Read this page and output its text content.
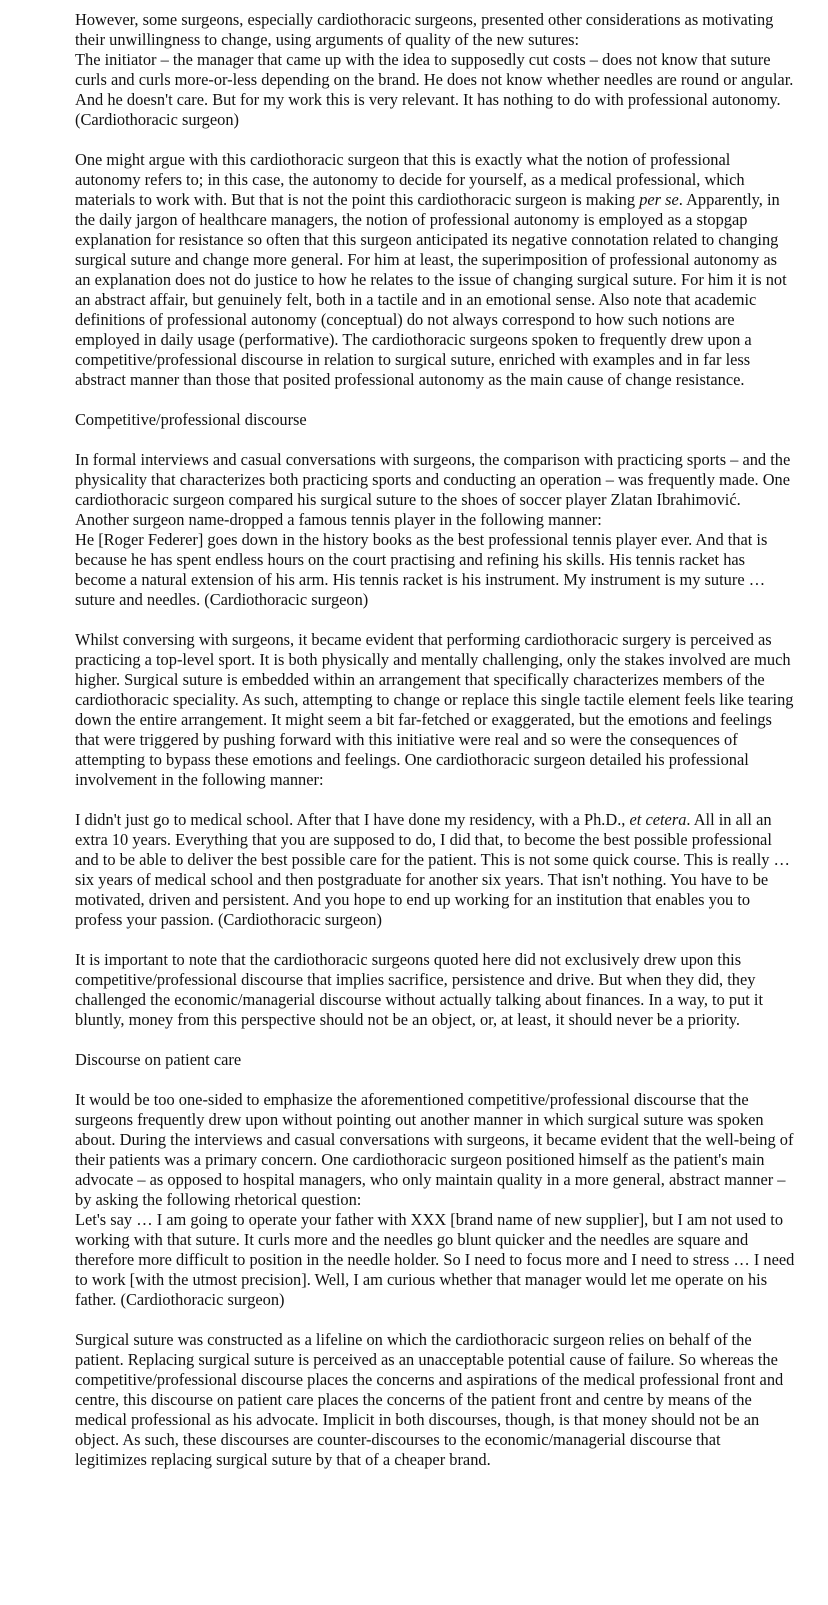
However, some surgeons, especially cardiothoracic surgeons, presented other considerations as motivating their unwillingness to change, using arguments of quality of the new sutures:

The initiator – the manager that came up with the idea to supposedly cut costs – does not know that suture curls and curls more-or-less depending on the brand. He does not know whether needles are round or angular. And he doesn't care. But for my work this is very relevant. It has nothing to do with professional autonomy. (Cardiothoracic surgeon)

One might argue with this cardiothoracic surgeon that this is exactly what the notion of professional autonomy refers to; in this case, the autonomy to decide for yourself, as a medical professional, which materials to work with. But that is not the point this cardiothoracic surgeon is making per se. Apparently, in the daily jargon of healthcare managers, the notion of professional autonomy is employed as a stopgap explanation for resistance so often that this surgeon anticipated its negative connotation related to changing surgical suture and change more general. For him at least, the superimposition of professional autonomy as an explanation does not do justice to how he relates to the issue of changing surgical suture. For him it is not an abstract affair, but genuinely felt, both in a tactile and in an emotional sense. Also note that academic definitions of professional autonomy (conceptual) do not always correspond to how such notions are employed in daily usage (performative). The cardiothoracic surgeons spoken to frequently drew upon a competitive/professional discourse in relation to surgical suture, enriched with examples and in far less abstract manner than those that posited professional autonomy as the main cause of change resistance.

Competitive/professional discourse

In formal interviews and casual conversations with surgeons, the comparison with practicing sports – and the physicality that characterizes both practicing sports and conducting an operation – was frequently made. One cardiothoracic surgeon compared his surgical suture to the shoes of soccer player Zlatan Ibrahimović. Another surgeon name-dropped a famous tennis player in the following manner:

He [Roger Federer] goes down in the history books as the best professional tennis player ever. And that is because he has spent endless hours on the court practising and refining his skills. His tennis racket has become a natural extension of his arm. His tennis racket is his instrument. My instrument is my suture … suture and needles. (Cardiothoracic surgeon)

Whilst conversing with surgeons, it became evident that performing cardiothoracic surgery is perceived as practicing a top-level sport. It is both physically and mentally challenging, only the stakes involved are much higher. Surgical suture is embedded within an arrangement that specifically characterizes members of the cardiothoracic speciality. As such, attempting to change or replace this single tactile element feels like tearing down the entire arrangement. It might seem a bit far-fetched or exaggerated, but the emotions and feelings that were triggered by pushing forward with this initiative were real and so were the consequences of attempting to bypass these emotions and feelings. One cardiothoracic surgeon detailed his professional involvement in the following manner:

I didn't just go to medical school. After that I have done my residency, with a Ph.D., et cetera. All in all an extra 10 years. Everything that you are supposed to do, I did that, to become the best possible professional and to be able to deliver the best possible care for the patient. This is not some quick course. This is really … six years of medical school and then postgraduate for another six years. That isn't nothing. You have to be motivated, driven and persistent. And you hope to end up working for an institution that enables you to profess your passion. (Cardiothoracic surgeon)

It is important to note that the cardiothoracic surgeons quoted here did not exclusively drew upon this competitive/professional discourse that implies sacrifice, persistence and drive. But when they did, they challenged the economic/managerial discourse without actually talking about finances. In a way, to put it bluntly, money from this perspective should not be an object, or, at least, it should never be a priority.

Discourse on patient care

It would be too one-sided to emphasize the aforementioned competitive/professional discourse that the surgeons frequently drew upon without pointing out another manner in which surgical suture was spoken about. During the interviews and casual conversations with surgeons, it became evident that the well-being of their patients was a primary concern. One cardiothoracic surgeon positioned himself as the patient's main advocate – as opposed to hospital managers, who only maintain quality in a more general, abstract manner – by asking the following rhetorical question:

Let's say … I am going to operate your father with XXX [brand name of new supplier], but I am not used to working with that suture. It curls more and the needles go blunt quicker and the needles are square and therefore more difficult to position in the needle holder. So I need to focus more and I need to stress … I need to work [with the utmost precision]. Well, I am curious whether that manager would let me operate on his father. (Cardiothoracic surgeon)

Surgical suture was constructed as a lifeline on which the cardiothoracic surgeon relies on behalf of the patient. Replacing surgical suture is perceived as an unacceptable potential cause of failure. So whereas the competitive/professional discourse places the concerns and aspirations of the medical professional front and centre, this discourse on patient care places the concerns of the patient front and centre by means of the medical professional as his advocate. Implicit in both discourses, though, is that money should not be an object. As such, these discourses are counter-discourses to the economic/managerial discourse that legitimizes replacing surgical suture by that of a cheaper brand.
